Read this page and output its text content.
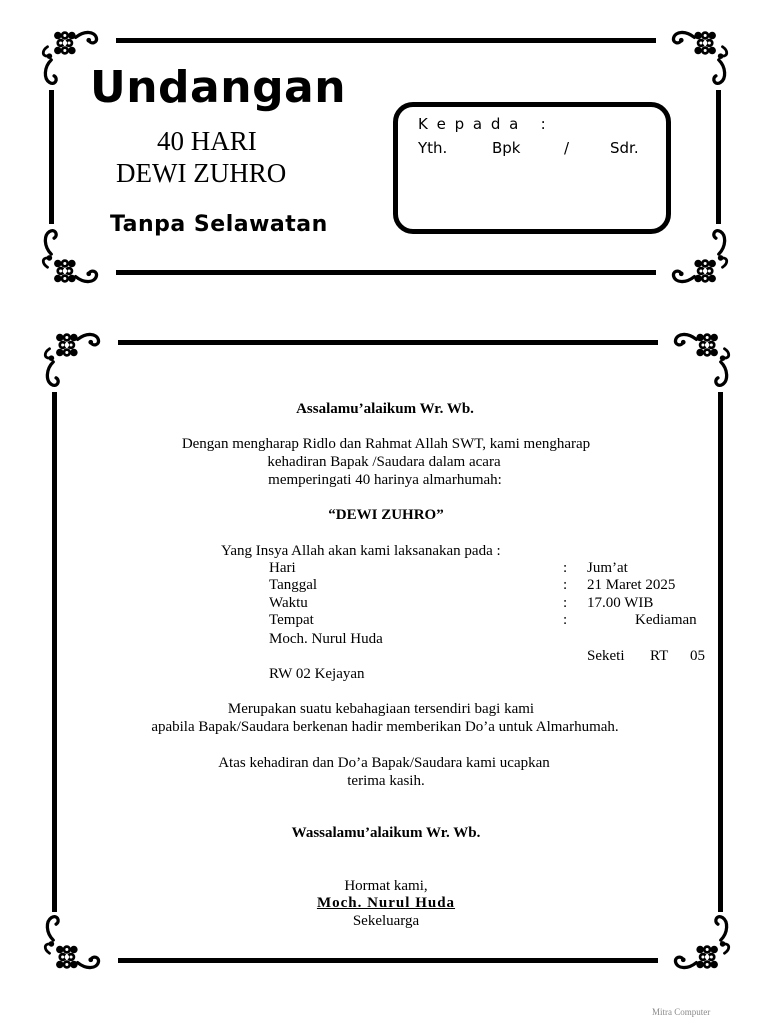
Undangan
40 HARI
DEWI ZUHRO
Tanpa Selawatan
K e p a d a   :
Yth.	Bpk	/	Sdr.
Assalamu’alaikum Wr. Wb.
Dengan mengharap Ridlo dan Rahmat Allah SWT, kami mengharap
kehadiran Bapak /Saudara dalam acara
memperingati 40 harinya almarhumah:
“DEWI ZUHRO”
Yang Insya Allah akan kami laksanakan pada :
Hari	: Jum’at
Tanggal	: 21 Maret 2025
Waktu	: 17.00 WIB
Tempat	:	Kediaman
Moch. Nurul Huda
Seketi RT 05
RW 02 Kejayan
Merupakan suatu kebahagiaan tersendiri bagi kami
apabila Bapak/Saudara berkenan hadir memberikan Do’a untuk Almarhumah.
Atas kehadiran dan Do’a Bapak/Saudara kami ucapkan
terima kasih.
Wassalamu’alaikum Wr. Wb.
Hormat kami,
Moch. Nurul Huda
Sekeluarga
Mitra Computer
